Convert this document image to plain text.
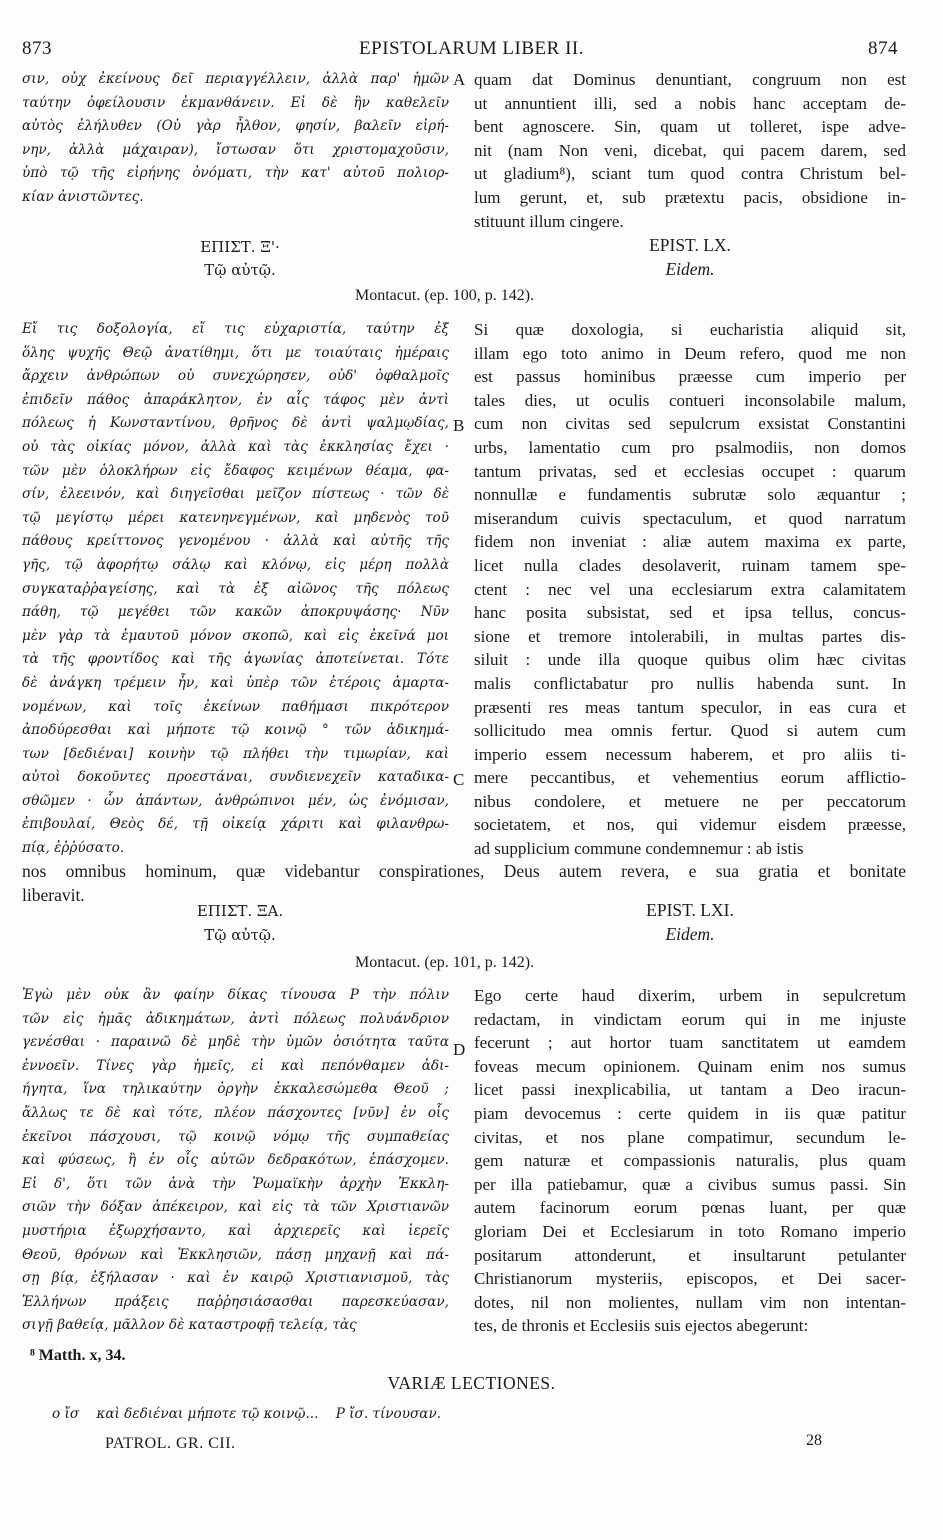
873	EPISTOLARUM LIBER II.	874
σιν, οὐχ ἐκείνους δεῖ περιαγγέλλειν, ἀλλὰ παρ' ἡμῶν
ταύτην ὀφείλουσιν ἐκμανθάνειν. Εἰ δὲ ἣν καθελεῖν
αὐτὸς ἐλήλυθεν (Οὐ γὰρ ἦλθον, φησίν, βαλεῖν εἰρή-
νην, ἀλλὰ μάχαιραν), ἴστωσαν ὅτι χριστομαχοῦσιν,
ὑπὸ τῷ τῆς εἰρήνης ὀνόματι, τὴν κατ' αὐτοῦ πολιορ-
κίαν ἀνιστῶντες.
A quam dat Dominus denuntiant, congruum non est
ut annuntient illi, sed a nobis hanc acceptam de-
bent agnoscere. Sin, quam ut tolleret, ispe adve-
nit (nam Non veni, dicebat, qui pacem darem, sed
ut gladium⁸), sciant tum quod contra Christum bel-
lum gerunt, et, sub prætextu pacis, obsidione in-
stituunt illum cingere.
ΕΠΙΣΤ. Ξ'·
Τῷ αὐτῷ.
EPIST. LX.
Eidem.
Montacut. (ep. 100, p. 142).
Εἴ τις δοξολογία, εἴ τις εὐχαριστία, ταύτην ἐξ
ὅλης ψυχῆς Θεῷ ἀνατίθημι, ὅτι με τοιαύταις ἡμέραις
ἄρχειν ἀνθρώπων οὐ συνεχώρησεν, οὐδ' ὀφθαλμοῖς
ἐπιδεῖν πάθος ἀπαράκλητον, ἐν αἷς τάφος μὲν ἀντὶ
πόλεως ἡ Κωνσταντίνου, θρῆνος δὲ ἀντὶ ψαλμῳδίας,
οὐ τὰς οἰκίας μόνον, ἀλλὰ καὶ τὰς ἐκκλησίας ἔχει ·
τῶν μὲν ὁλοκλήρων εἰς ἔδαφος κειμένων θέαμα, φα-
σίν, ἐλεεινόν, καὶ διηγεῖσθαι μεῖζον πίστεως · τῶν δὲ
τῷ μεγίστῳ μέρει κατενηνεγμένων, καὶ μηδενὸς τοῦ
πάθους κρείττονος γενομένου · ἀλλὰ καὶ αὐτῆς τῆς
γῆς, τῷ ἀφορήτῳ σάλῳ καὶ κλόνῳ, εἰς μέρη πολλὰ
συγκαταῤῥαγείσης, καὶ τὰ ἐξ αἰῶνος τῆς πόλεως
πάθη, τῷ μεγέθει τῶν κακῶν ἀποκρυψάσης· Νῦν
μὲν γὰρ τὰ ἐμαυτοῦ μόνον σκοπῶ, καὶ εἰς ἐκεῖνά μοι
τὰ τῆς φροντίδος καὶ τῆς ἀγωνίας ἀποτείνεται. Τότε
δὲ ἀνάγκη τρέμειν ἦν, καὶ ὑπὲρ τῶν ἑτέροις ἁμαρτα-
νομένων, καὶ τοῖς ἐκείνων παθήμασι πικρότερον
ἀποδύρεσθαι καὶ μήποτε τῷ κοινῷ ° τῶν ἀδικημά-
των [δεδιέναι] κοινὴν τῷ πλήθει τὴν τιμωρίαν, καὶ
αὐτοὶ δοκοῦντες προεστάναι, συνδιενεχεῖν καταδικα-
σθῶμεν · ὧν ἁπάντων, ἀνθρώπινοι μέν, ὡς ἐνόμισαν,
ἐπιβουλαί, Θεὸς δέ, τῇ οἰκείᾳ χάριτι καὶ φιλανθρω-
πίᾳ, ἐῤῥύσατο.
B
C
Si quæ doxologia, si eucharistia aliquid sit,
illam ego toto animo in Deum refero, quod me non
est passus hominibus præesse cum imperio per
tales dies, ut oculis contueri inconsolabile malum,
cum non civitas sed sepulcrum exsistat Constantini
urbs, lamentatio cum pro psalmodiis, non domos
tantum privatas, sed et ecclesias occupet : quarum
nonnullæ e fundamentis subrutæ solo æquantur ;
miserandum cuivis spectaculum, et quod narratum
fidem non inveniat : aliæ autem maxima ex parte,
licet nulla clades desolaverit, ruinam tamem spe-
ctent : nec vel una ecclesiarum extra calamitatem
hanc posita subsistat, sed et ipsa tellus, concus-
sione et tremore intolerabili, in multas partes dis-
siluit : unde illa quoque quibus olim hæc civitas
malis conflictabatur pro nullis habenda sunt. In
præsenti res meas tantum speculor, in eas cura et
sollicitudo mea omnis fertur. Quod si autem cum
imperio essem necessum haberem, et pro aliis ti-
mere peccantibus, et vehementius eorum afflictio-
nibus condolere, et metuere ne per peccatorum
societatem, et nos, qui videmur eisdem præesse,
ad supplicium commune condemnemur : ab istis
nos omnibus hominum, quæ videbantur conspirationes, Deus autem revera, e sua gratia et bonitate
liberavit.
ΕΠΙΣΤ. ΞΑ.
Τῷ αὐτῷ.
EPIST. LXI.
Eidem.
Montacut. (ep. 101, p. 142).
Ἐγὼ μὲν οὐκ ἂν φαίην δίκας τίνουσα P τὴν πόλιν
τῶν εἰς ἡμᾶς ἀδικημάτων, ἀντὶ πόλεως πολυάνδριον
γενέσθαι · παραινῶ δὲ μηδὲ τὴν ὑμῶν ὁσιότητα ταῦτα
ἐννοεῖν. Τίνες γὰρ ἡμεῖς, εἰ καὶ πεπόνθαμεν ἀδι-
ήγητα, ἵνα τηλικαύτην ὀργὴν ἐκκαλεσώμεθα Θεοῦ ;
ἄλλως τε δὲ καὶ τότε, πλέον πάσχοντες [νῦν] ἐν οἷς
ἐκεῖνοι πάσχουσι, τῷ κοινῷ νόμῳ τῆς συμπαθείας
καὶ φύσεως, ἢ ἐν οἷς αὐτῶν δεδρακότων, ἐπάσχομεν.
Εἰ δ', ὅτι τῶν ἀνὰ τὴν Ῥωμαϊκὴν ἀρχὴν Ἐκκλη-
σιῶν τὴν δόξαν ἀπέκειρον, καὶ εἰς τὰ τῶν Χριστιανῶν
μυστήρια ἐξωρχήσαντο, καὶ ἀρχιερεῖς καὶ ἱερεῖς
Θεοῦ, θρόνων καὶ Ἐκκλησιῶν, πάσῃ μηχανῇ καὶ πά-
σῃ βίᾳ, ἐξήλασαν · καὶ ἐν καιρῷ Χριστιανισμοῦ, τὰς
Ἑλλήνων πράξεις παῤῥησιάσασθαι παρεσκεύασαν,
σιγῇ βαθείᾳ, μᾶλλον δὲ καταστροφῇ τελείᾳ, τὰς
D
Ego certe haud dixerim, urbem in sepulcretum
redactam, in vindictam eorum qui in me injuste
fecerunt ; aut hortor tuam sanctitatem ut eamdem
foveas mecum opinionem. Quinam enim nos sumus
licet passi inexplicabilia, ut tantam a Deo iracun-
piam devocemus : certe quidem in iis quæ patitur
civitas, et nos plane compatimur, secundum le-
gem naturæ et compassionis naturalis, plus quam
per illa patiebamur, quæ a civibus sumus passi. Sin
autem facinorum eorum pœnas luant, per quæ
gloriam Dei et Ecclesiarum in toto Romano imperio
positarum attonderunt, et insultarunt petulanter
Christianorum mysteriis, episcopos, et Dei sacer-
dotes, nil non molientes, nullam vim non intentan-
tes, de thronis et Ecclesiis suis ejectos abegerunt:
⁸ Matth. x, 34.
VARIÆ LECTIONES.
ο ἴσ    καὶ δεδιέναι μήποτε τῷ κοινῷ...    P ἴσ. τίνουσαν.
PATROL. GR. CII.	28
